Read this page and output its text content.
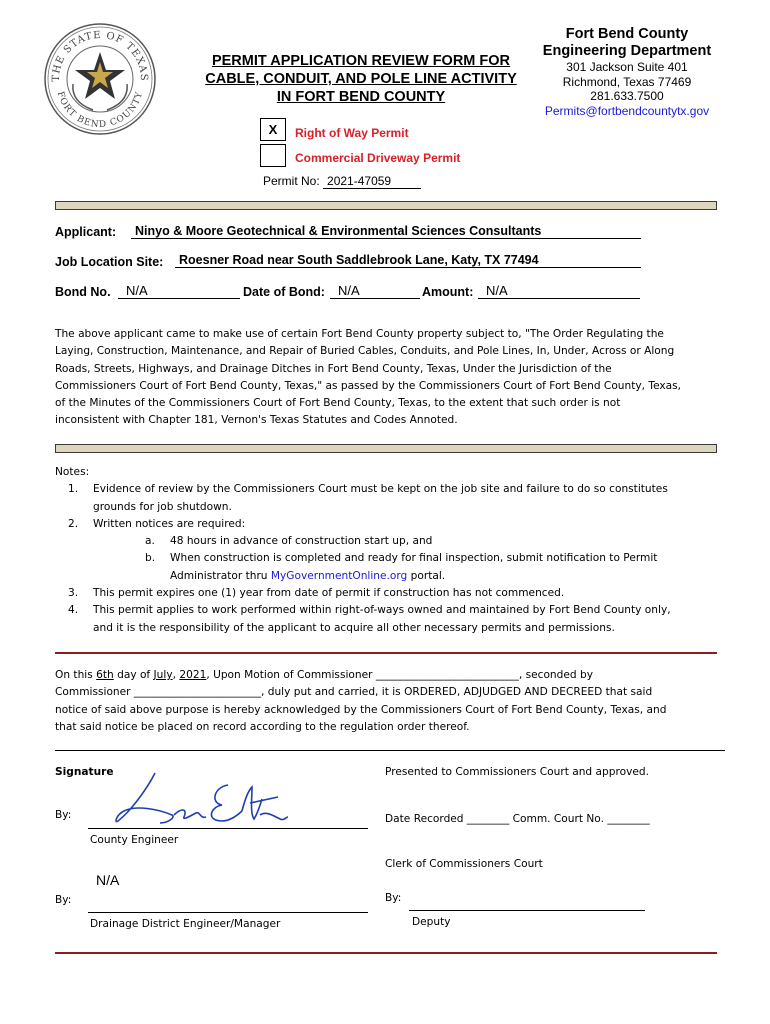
THE STATE OF TEXAS
FORT BEND COUNTY
PERMIT APPLICATION REVIEW FORM FOR
CABLE, CONDUIT, AND POLE LINE ACTIVITY
IN FORT BEND COUNTY
Fort Bend County
Engineering Department
301 Jackson Suite 401
Richmond, Texas 77469
281.633.7500
Permits@fortbendcountytx.gov
X	Right of Way Permit
Commercial Driveway Permit
Permit No: 2021-47059
Applicant:	Ninyo & Moore Geotechnical & Environmental Sciences Consultants
Job Location Site:	Roesner Road near South Saddlebrook Lane, Katy, TX 77494
Bond No.	N/A	Date of Bond:	N/A	Amount: N/A
The above applicant came to make use of certain Fort Bend County property subject to, "The Order Regulating the
Laying, Construction, Maintenance, and Repair of Buried Cables, Conduits, and Pole Lines, In, Under, Across or Along
Roads, Streets, Highways, and Drainage Ditches in Fort Bend County, Texas, Under the Jurisdiction of the
Commissioners Court of Fort Bend County, Texas," as passed by the Commissioners Court of Fort Bend County, Texas,
of the Minutes of the Commissioners Court of Fort Bend County, Texas, to the extent that such order is not
inconsistent with Chapter 181, Vernon's Texas Statutes and Codes Annoted.
Notes:
1. Evidence of review by the Commissioners Court must be kept on the job site and failure to do so constitutes
grounds for job shutdown.
2. Written notices are required:
a. 48 hours in advance of construction start up, and
b. When construction is completed and ready for final inspection, submit notification to Permit
Administrator thru MyGovernmentOnline.org portal.
3. This permit expires one (1) year from date of permit if construction has not commenced.
4. This permit applies to work performed within right-of-ways owned and maintained by Fort Bend County only,
and it is the responsibility of the applicant to acquire all other necessary permits and permissions.
On this 6th day of July, 2021, Upon Motion of Commissioner ___________________________, seconded by
Commissioner ________________________, duly put and carried, it is ORDERED, ADJUDGED AND DECREED that said
notice of said above purpose is hereby acknowledged by the Commissioners Court of Fort Bend County, Texas, and
that said notice be placed on record according to the regulation order thereof.
Signature
By:
County Engineer
N/A
By:
Drainage District Engineer/Manager
Presented to Commissioners Court and approved.
Date Recorded ________ Comm. Court No. ________
Clerk of Commissioners Court
By:
Deputy
